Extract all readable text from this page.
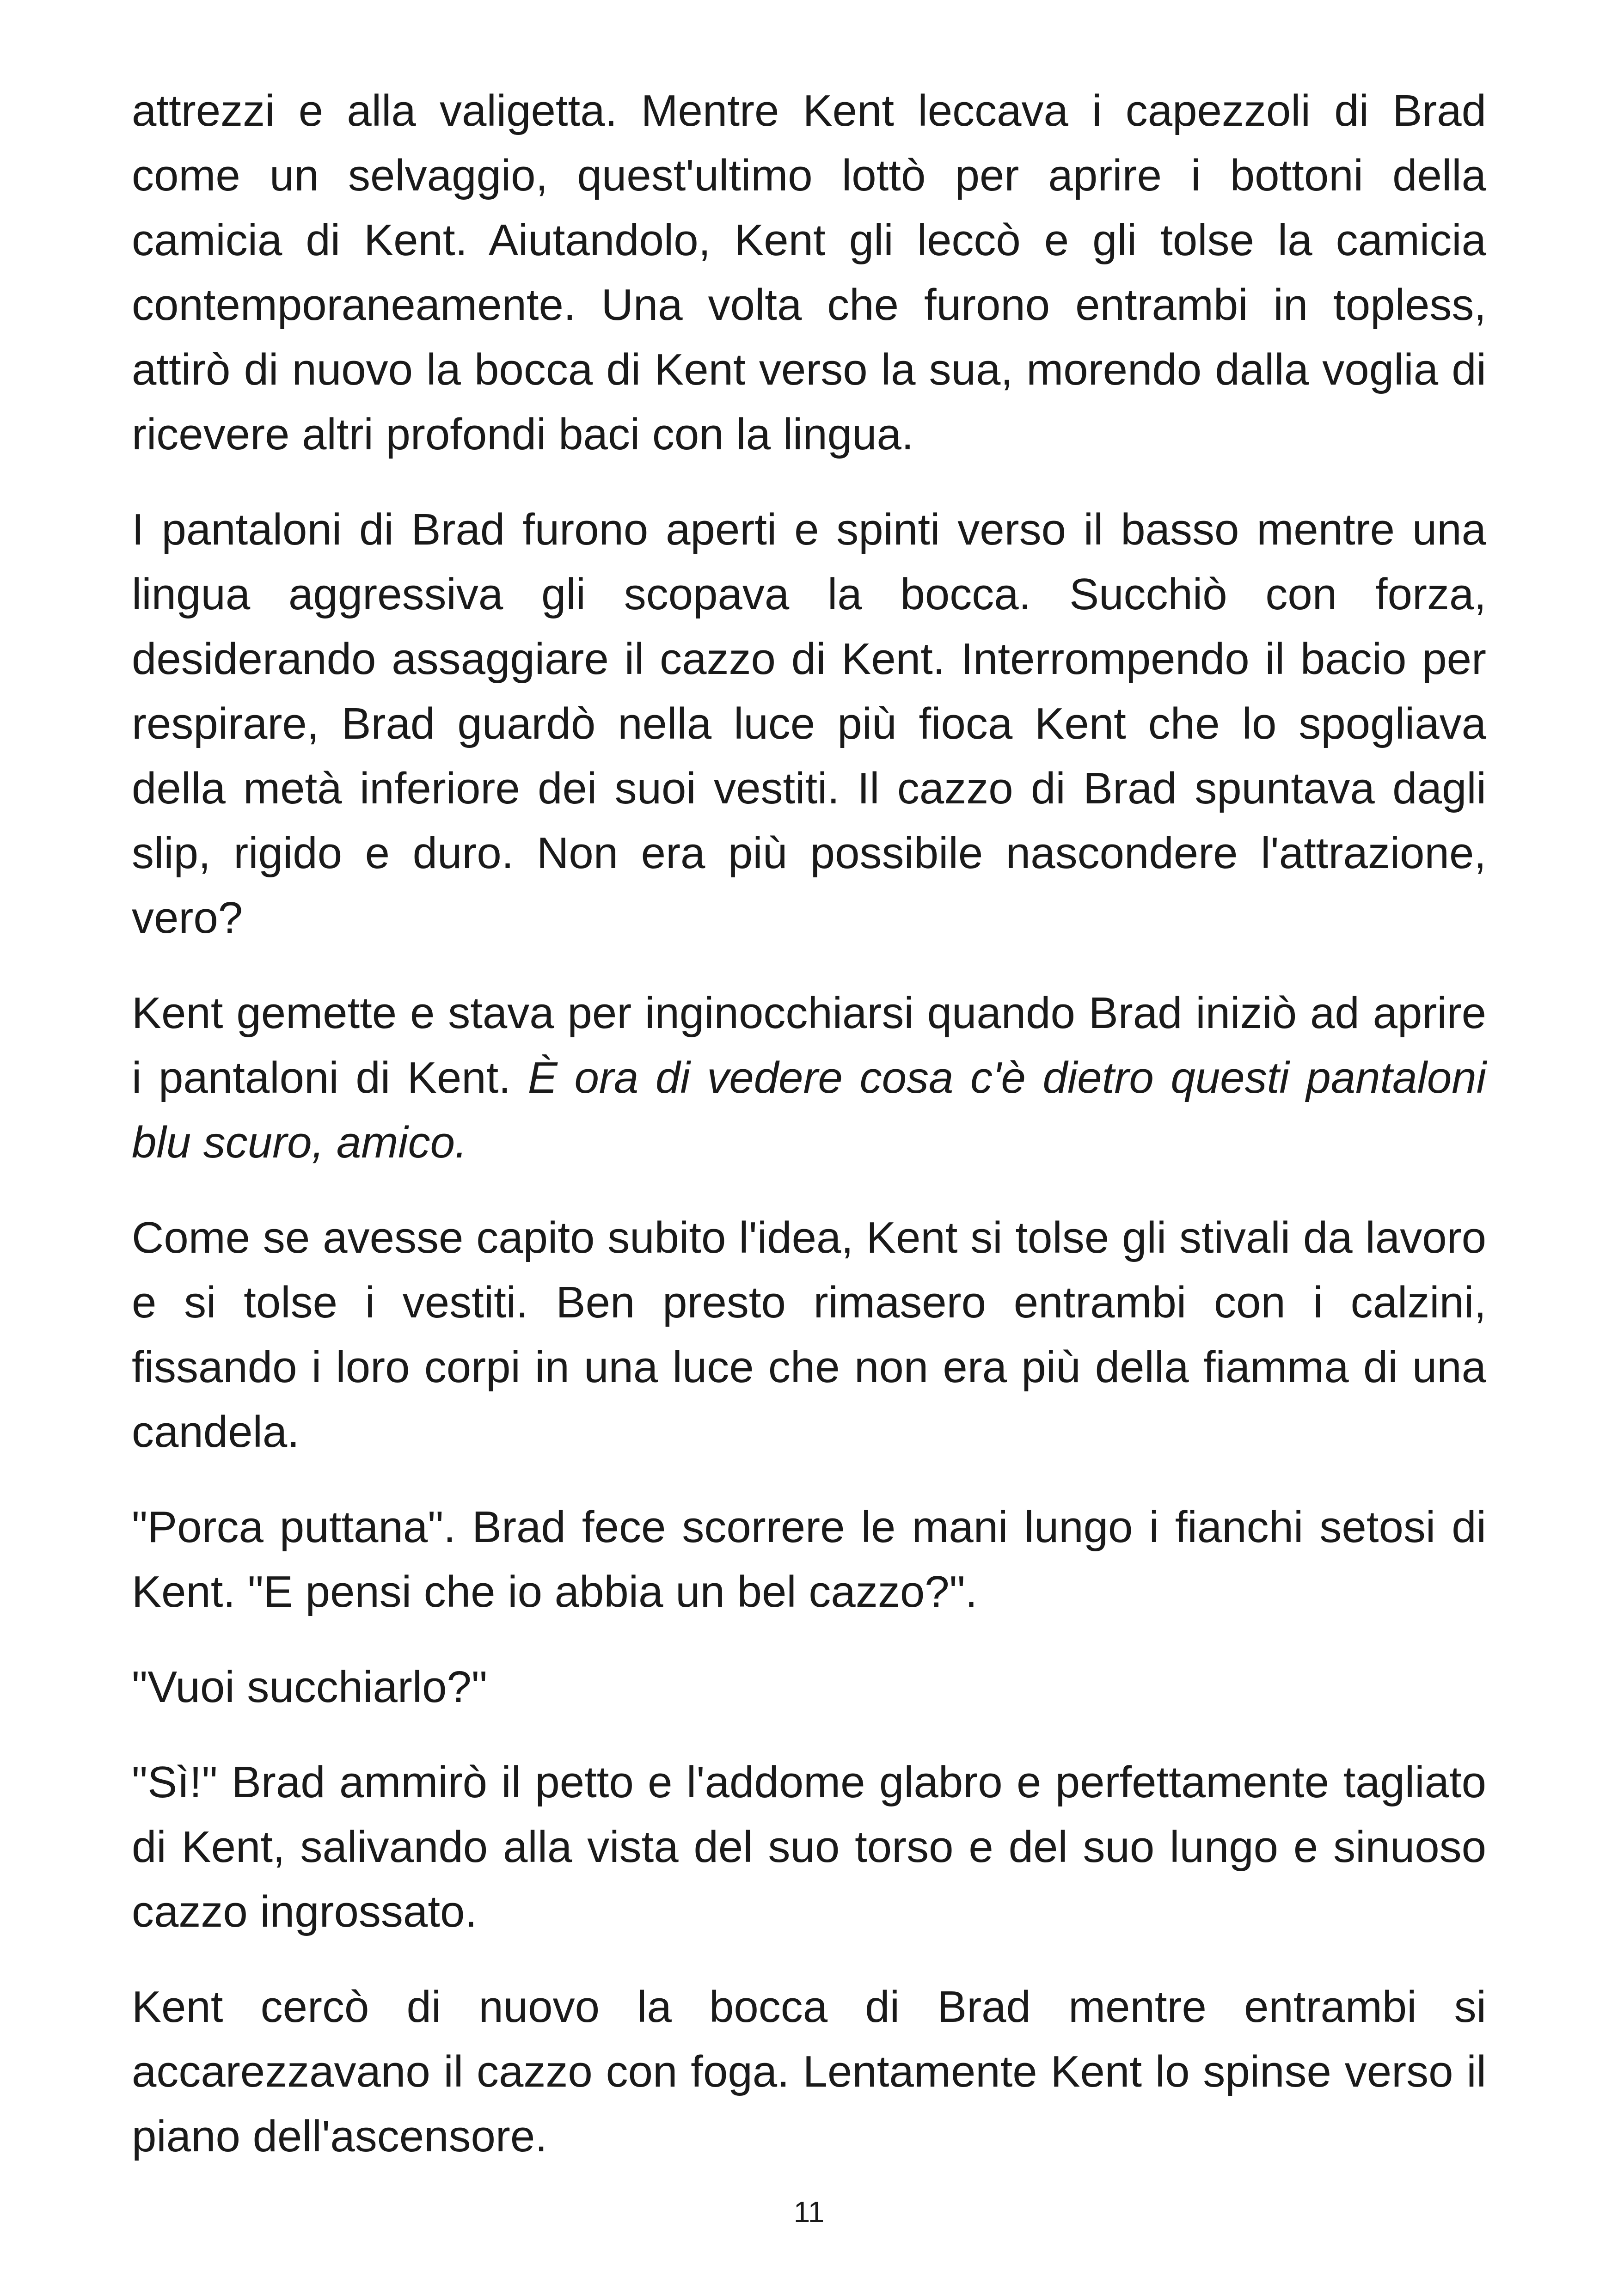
attrezzi e alla valigetta. Mentre Kent leccava i capezzoli di Brad come un selvaggio, quest'ultimo lottò per aprire i bottoni della camicia di Kent. Aiutandolo, Kent gli leccò e gli tolse la camicia contemporaneamente. Una volta che furono entrambi in topless, attirò di nuovo la bocca di Kent verso la sua, morendo dalla voglia di ricevere altri profondi baci con la lingua.

I pantaloni di Brad furono aperti e spinti verso il basso mentre una lingua aggressiva gli scopava la bocca. Succhiò con forza, desiderando assaggiare il cazzo di Kent. Interrompendo il bacio per respirare, Brad guardò nella luce più fioca Kent che lo spogliava della metà inferiore dei suoi vestiti. Il cazzo di Brad spuntava dagli slip, rigido e duro. Non era più possibile nascondere l'attrazione, vero?

Kent gemette e stava per inginocchiarsi quando Brad iniziò ad aprire i pantaloni di Kent. È ora di vedere cosa c'è dietro questi pantaloni blu scuro, amico.

Come se avesse capito subito l'idea, Kent si tolse gli stivali da lavoro e si tolse i vestiti. Ben presto rimasero entrambi con i calzini, fissando i loro corpi in una luce che non era più della fiamma di una candela.

"Porca puttana". Brad fece scorrere le mani lungo i fianchi setosi di Kent. "E pensi che io abbia un bel cazzo?".

"Vuoi succhiarlo?"

"Sì!" Brad ammirò il petto e l'addome glabro e perfettamente tagliato di Kent, salivando alla vista del suo torso e del suo lungo e sinuoso cazzo ingrossato.

Kent cercò di nuovo la bocca di Brad mentre entrambi si accarezzavano il cazzo con foga. Lentamente Kent lo spinse verso il piano dell'ascensore.

11
